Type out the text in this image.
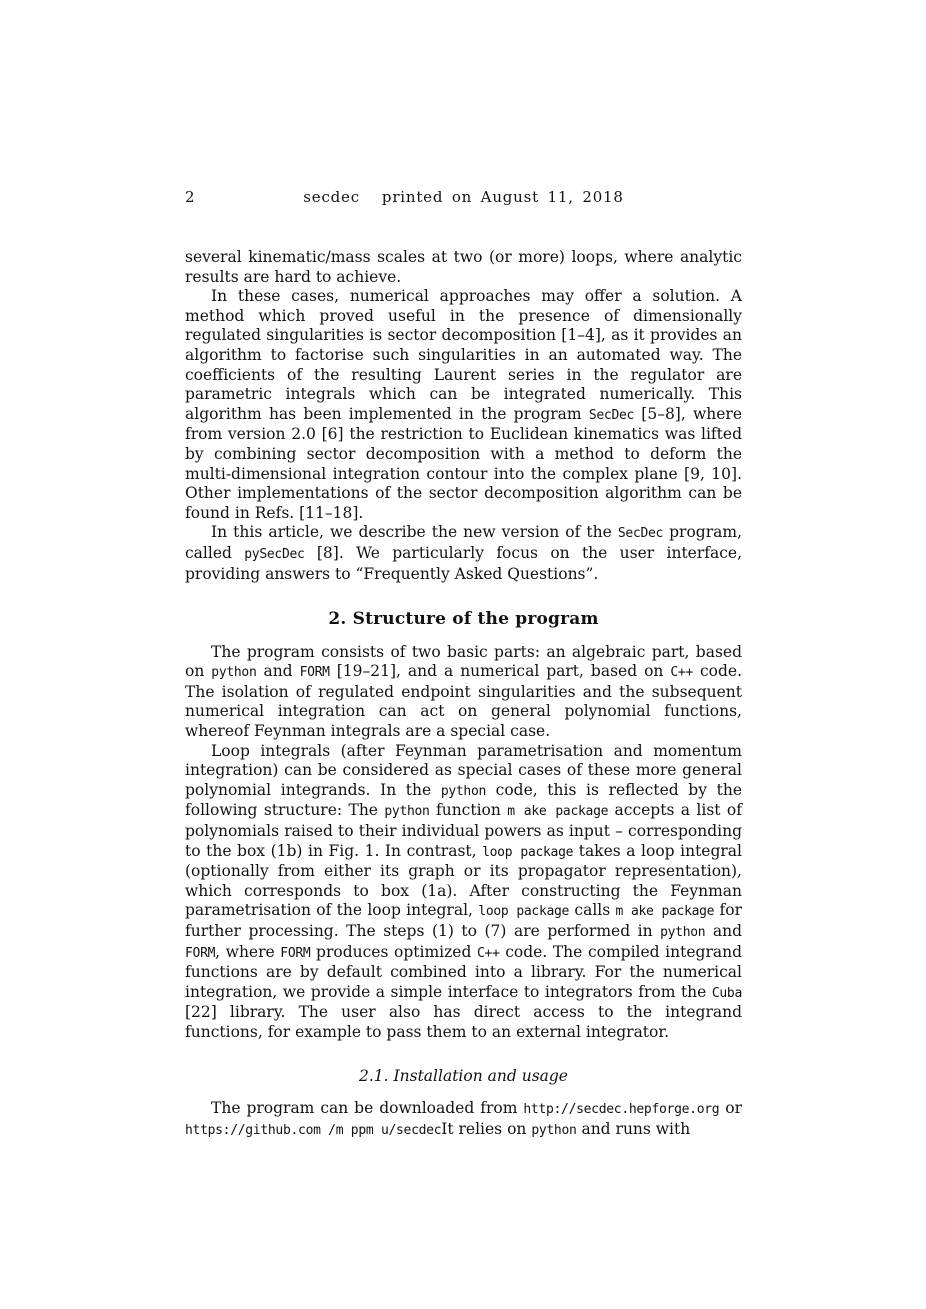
2	secdec printed on August 11, 2018

several kinematic/mass scales at two (or more) loops, where analytic results are hard to achieve.

In these cases, numerical approaches may offer a solution. A method which proved useful in the presence of dimensionally regulated singularities is sector decomposition [1–4], as it provides an algorithm to factorise such singularities in an automated way. The coefficients of the resulting Laurent series in the regulator are parametric integrals which can be integrated numerically. This algorithm has been implemented in the program SecDec [5–8], where from version 2.0 [6] the restriction to Euclidean kinematics was lifted by combining sector decomposition with a method to deform the multi-dimensional integration contour into the complex plane [9, 10]. Other implementations of the sector decomposition algorithm can be found in Refs. [11–18].

In this article, we describe the new version of the SecDec program, called pySecDec [8]. We particularly focus on the user interface, providing answers to “Frequently Asked Questions”.

2. Structure of the program

The program consists of two basic parts: an algebraic part, based on python and FORM [19–21], and a numerical part, based on C++ code. The isolation of regulated endpoint singularities and the subsequent numerical integration can act on general polynomial functions, whereof Feynman integrals are a special case.

Loop integrals (after Feynman parametrisation and momentum integration) can be considered as special cases of these more general polynomial integrands. In the python code, this is reflected by the following structure: The python function m ake package accepts a list of polynomials raised to their individual powers as input – corresponding to the box (1b) in Fig. 1. In contrast, loop package takes a loop integral (optionally from either its graph or its propagator representation), which corresponds to box (1a). After constructing the Feynman parametrisation of the loop integral, loop package calls m ake package for further processing. The steps (1) to (7) are performed in python and FORM, where FORM produces optimized C++ code. The compiled integrand functions are by default combined into a library. For the numerical integration, we provide a simple interface to integrators from the Cuba [22] library. The user also has direct access to the integrand functions, for example to pass them to an external integrator.

2.1. Installation and usage

The program can be downloaded from http://secdec.hepforge.org or https://github.com /m ppm u/secdecIt relies on python and runs with
